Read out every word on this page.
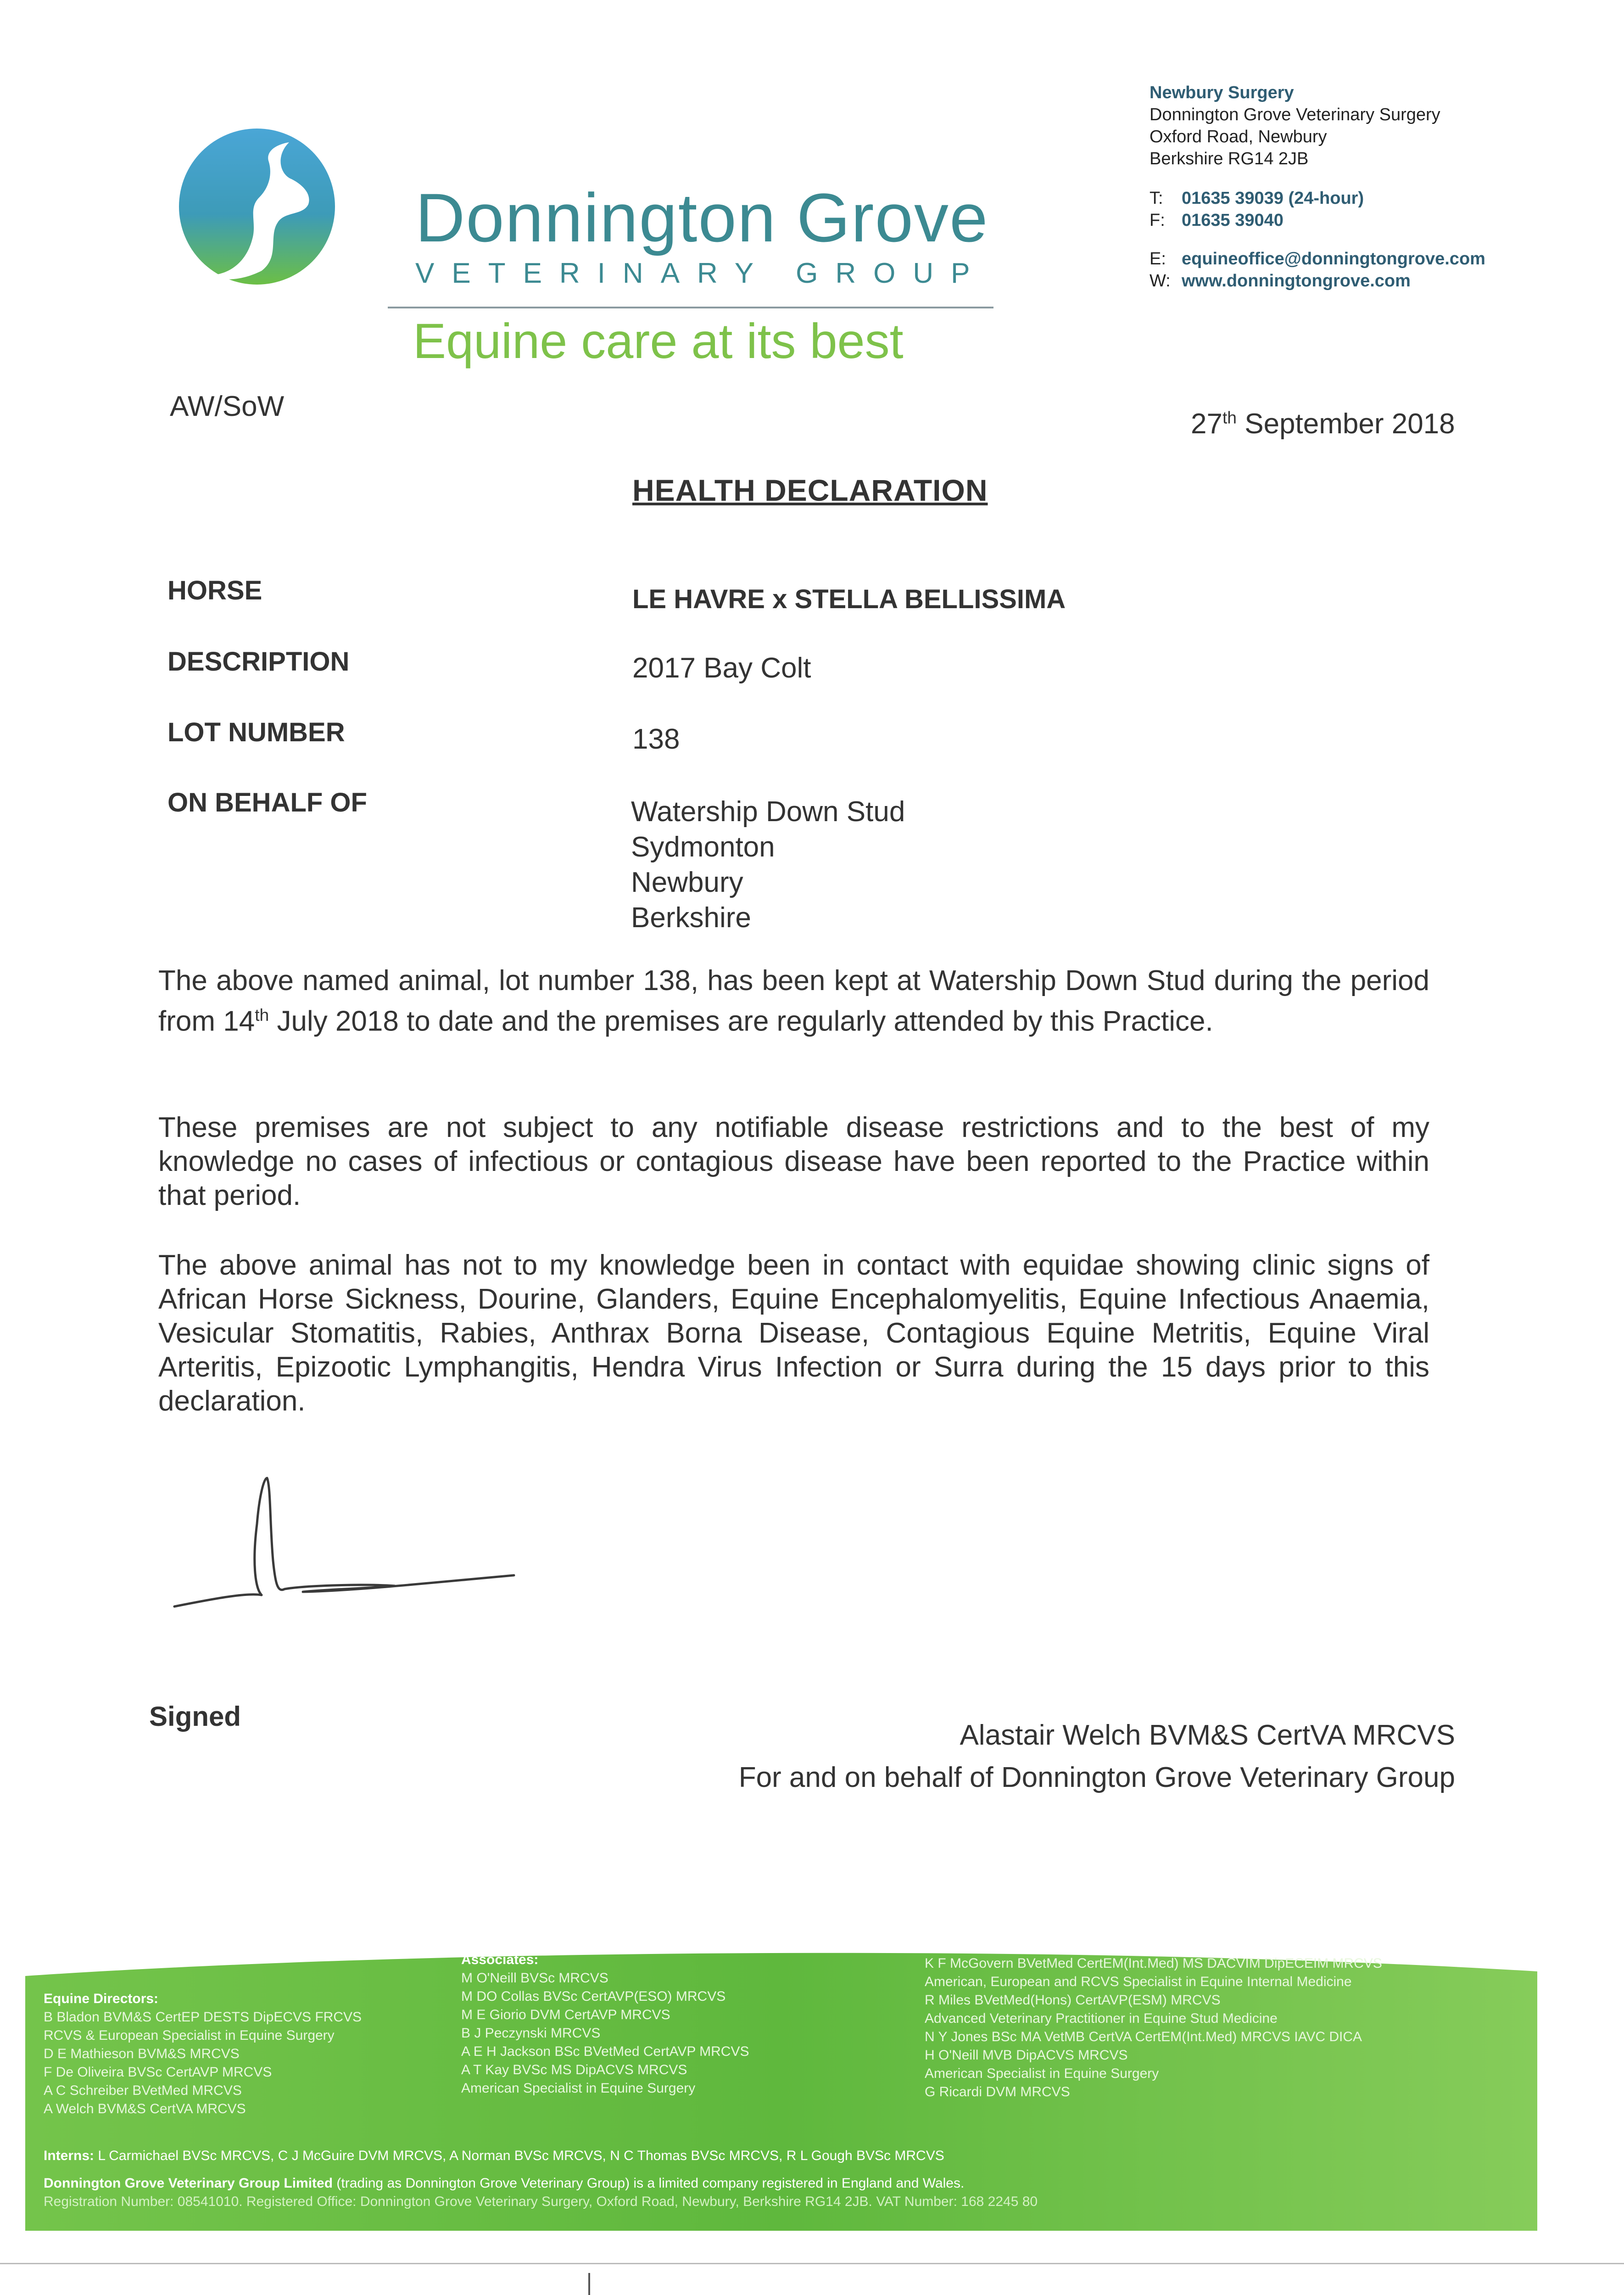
Donnington Grove
VETERINARY GROUP
Equine care at its best
Newbury Surgery
Donnington Grove Veterinary Surgery
Oxford Road, Newbury
Berkshire RG14 2JB
T: 01635 39039 (24-hour)
F: 01635 39040
E: equineoffice@donningtongrove.com
W: www.donningtongrove.com
AW/SoW
27th September 2018
HEALTH DECLARATION
HORSE	LE HAVRE x STELLA BELLISSIMA
DESCRIPTION	2017 Bay Colt
LOT NUMBER	138
ON BEHALF OF	Watership Down Stud
Sydmonton
Newbury
Berkshire
The above named animal, lot number 138, has been kept at Watership Down Stud during the period from 14th July 2018 to date and the premises are regularly attended by this Practice.
These premises are not subject to any notifiable disease restrictions and to the best of my knowledge no cases of infectious or contagious disease have been reported to the Practice within that period.
The above animal has not to my knowledge been in contact with equidae showing clinic signs of African Horse Sickness, Dourine, Glanders, Equine Encephalomyelitis, Equine Infectious Anaemia, Vesicular Stomatitis, Rabies, Anthrax Borna Disease, Contagious Equine Metritis, Equine Viral Arteritis, Epizootic Lymphangitis, Hendra Virus Infection or Surra during the 15 days prior to this declaration.
Signed
Alastair Welch BVM&S CertVA MRCVS
For and on behalf of Donnington Grove Veterinary Group
Equine Directors:
B Bladon BVM&S CertEP DESTS DipECVS FRCVS
RCVS & European Specialist in Equine Surgery
D E Mathieson BVM&S MRCVS
F De Oliveira BVSc CertAVP MRCVS
A C Schreiber BVetMed MRCVS
A Welch BVM&S CertVA MRCVS
Associates:
M O'Neill BVSc MRCVS
M DO Collas BVSc CertAVP(ESO) MRCVS
M E Giorio DVM CertAVP MRCVS
B J Peczynski MRCVS
A E H Jackson BSc BVetMed CertAVP MRCVS
A T Kay BVSc MS DipACVS MRCVS
American Specialist in Equine Surgery
K F McGovern BVetMed CertEM(Int.Med) MS DACVIM DipECEIM MRCVS
American, European and RCVS Specialist in Equine Internal Medicine
R Miles BVetMed(Hons) CertAVP(ESM) MRCVS
Advanced Veterinary Practitioner in Equine Stud Medicine
N Y Jones BSc MA VetMB CertVA CertEM(Int.Med) MRCVS IAVC DICA
H O'Neill MVB DipACVS MRCVS
American Specialist in Equine Surgery
G Ricardi DVM MRCVS
Interns: L Carmichael BVSc MRCVS, C J McGuire DVM MRCVS, A Norman BVSc MRCVS, N C Thomas BVSc MRCVS, R L Gough BVSc MRCVS
Donnington Grove Veterinary Group Limited (trading as Donnington Grove Veterinary Group) is a limited company registered in England and Wales.
Registration Number: 08541010. Registered Office: Donnington Grove Veterinary Surgery, Oxford Road, Newbury, Berkshire RG14 2JB. VAT Number: 168 2245 80
